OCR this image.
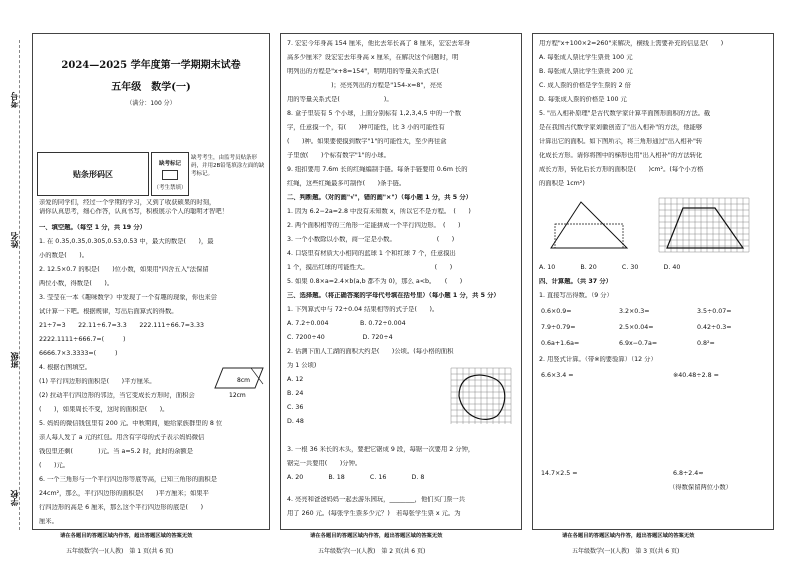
考号
姓名
班级
学校
2024—2025 学年度第一学期期末试卷
五年级　数学(一)
（满分：100 分）
贴条形码区
缺考标记
（考生禁填）
缺考考生，由监考员贴条形码，并用2B铅笔填涂左面的缺考标记。
亲爱的同学们，经过一个学期的学习，又到了收获硕果的时刻，
请你认真思考，细心作答，认真书写，积极展示个人的聪明才智吧！
一、填空题。（每空 1 分，共 19 分）
1. 在 0.35,0.35̇,0.305,0.53,0.53̇ 中，最大的数是(　　)，最
小的数是(　　)。
2. 12.5×0.7 的积是(　　)位小数，如果用"四舍五入"法保留
两位小数，得数是(　　)。
3. 莹莹在一本《趣味数学》中发现了一个有趣的现象，你也来尝
试计算一下吧。根据规律，写出后面算式的得数。
21÷7=3　　22.11÷6.7=3.3　　222.111÷66.7=3.33
2222.1111÷666.7=(　　　)
6666.7×3.3333=(　　　)
4. 根据右图填空。
(1) 平行四边形的面积是(　　)平方厘米。
(2) 拉动平行四边形的邻边，当它变成长方形时，面积会
(　　)，如果周长不变，这时的面积是(　　)。
5. 妈妈的微信钱包里有 200 元。中秋期间，她给家族群里的 8 位
亲人每人发了 a 元的红包。用含有字母的式子表示妈妈微信
钱包里还剩(　　　　)元。当 a=5.2 时，此时的余额是
(　　)元。
6. 一个三角形与一个平行四边形等底等高，已知三角形的面积是
24cm²，那么，平行四边形的面积是(　　)平方厘米；如果平
行四边形的高是 6 厘米，那么这个平行四边形的底是(　　)
厘米。
8cm
12cm
7. 宏宏今年身高 154 厘米，他比去年长高了 8 厘米，宏宏去年身
高多少厘米？设宏宏去年身高 x 厘米，在解决这个问题时，明
明列出的方程是"x+8=154"，明明用的等量关系式是(
　　　　　　　)；亮亮列出的方程是"154-x=8"，亮亮
用的等量关系式是(　　　　　　　)。
8. 盒子里装有 5 个小球，上面分别标有 1,2,3,4,5 中的一个数
字，任意摸一个，有(　　)种可能性，比 3 小的可能性有
(　　)种。如果要使摸到数字"1"的可能性大，至少再往盒
子里放(　　)个标有数字"1"的小球。
9. 纽扣要用 7.6m 长的红绳编制手链。每条手链要用 0.6m 长的
红绳，这些红绳最多可制作(　　)条手链。
二、判断题。（对的画"√"，错的画"×"）（每小题 1 分，共 5 分）
1. 因为 6.2−2a=2.8 中没有未知数 x，所以它不是方程。　(　　)
2. 两个面积相等的三角形一定能拼成一个平行四边形。　(　　)
3. 一个小数除以小数，商一定是小数。　　　　　　　(　　)
4. 口袋里有材质大小相同的蓝球 1 个和红球 7 个，任意摸出
1 个，摸出红球的可能性大。　　　　　　　　　　　(　　)
5. 如果 0.8×a=2.4×b(a,b 都不为 0)，那么 a<b。　　(　　)
三、选择题。（将正确答案的字母代号填在括号里）（每小题 1 分，共 5 分）
1. 下列算式中与 72÷0.04 结果相等的式子是(　　)。
A. 7.2÷0.004　　　　　B. 0.72÷0.004
C. 7200÷40　　　　　　D. 720÷4
2. 估测下面人工湖的面积大约是(　　)公顷。(每小格的面积
为 1 公顷)
A. 12
B. 24
C. 36
D. 48
3. 一根 36 米长的木头，要把它锯成 9 段，每锯一次要用 2 分钟，
锯完一共要用(　　)分钟。
A. 20　　　　B. 18　　　　C. 16　　　　D. 8
4. 亮亮和爸爸妈妈一起去游乐园玩，________，他们买门票一共
用了 260 元。(每张学生票多少元？)　若每张学生票 x 元。为
用方程"x+100×2=260"来解决，横线上需要补充的信息是(　　)
A. 每张成人票比学生票贵 100 元
B. 每张成人票比学生票贵 200 元
C. 成人票的价格是学生票的 2 倍
D. 每张成人票的价格是 100 元
5. "出入相补原理"是古代数学家计算平面图形面积的方法。截
是在我国古代数学家刘徽创造了"出入相补"的方法，他能够
计算出它的面积。如下图所示，将三角形通过"出入相补"转
化成长方形。请你将图中的梯形也用"出入相补"的方法转化
成长方形，转化后长方形的面积是(　　)cm²。(每个小方格
的面积是 1cm²)
A. 10　　　　B. 20　　　　C. 30　　　　D. 40
四、计算题。（共 37 分）
1. 直接写出得数。（9 分）
0.6×0.9=	3.2×0.3=	3.5÷0.07=
7.9÷0.79=	2.5×0.04=	0.42÷0.3=
0.6a+1.6a=	6.9x−0.7a=	0.8²=
2. 用竖式计算。（带※的要验算）（12 分）
6.6×3.4 =	※40.48÷2.8 =
14.7×2.5 =	6.8÷2.4≈
（得数保留两位小数）
请在各题目的答题区域内作答，超出答题区域的答案无效	请在各题目的答题区域内作答，超出答题区域的答案无效	请在各题目的答题区域内作答，超出答题区域的答案无效
五年级数学(一)(人教)　第 1 页(共 6 页)	五年级数学(一)(人教)　第 2 页(共 6 页)	五年级数学(一)(人教)　第 3 页(共 6 页)
